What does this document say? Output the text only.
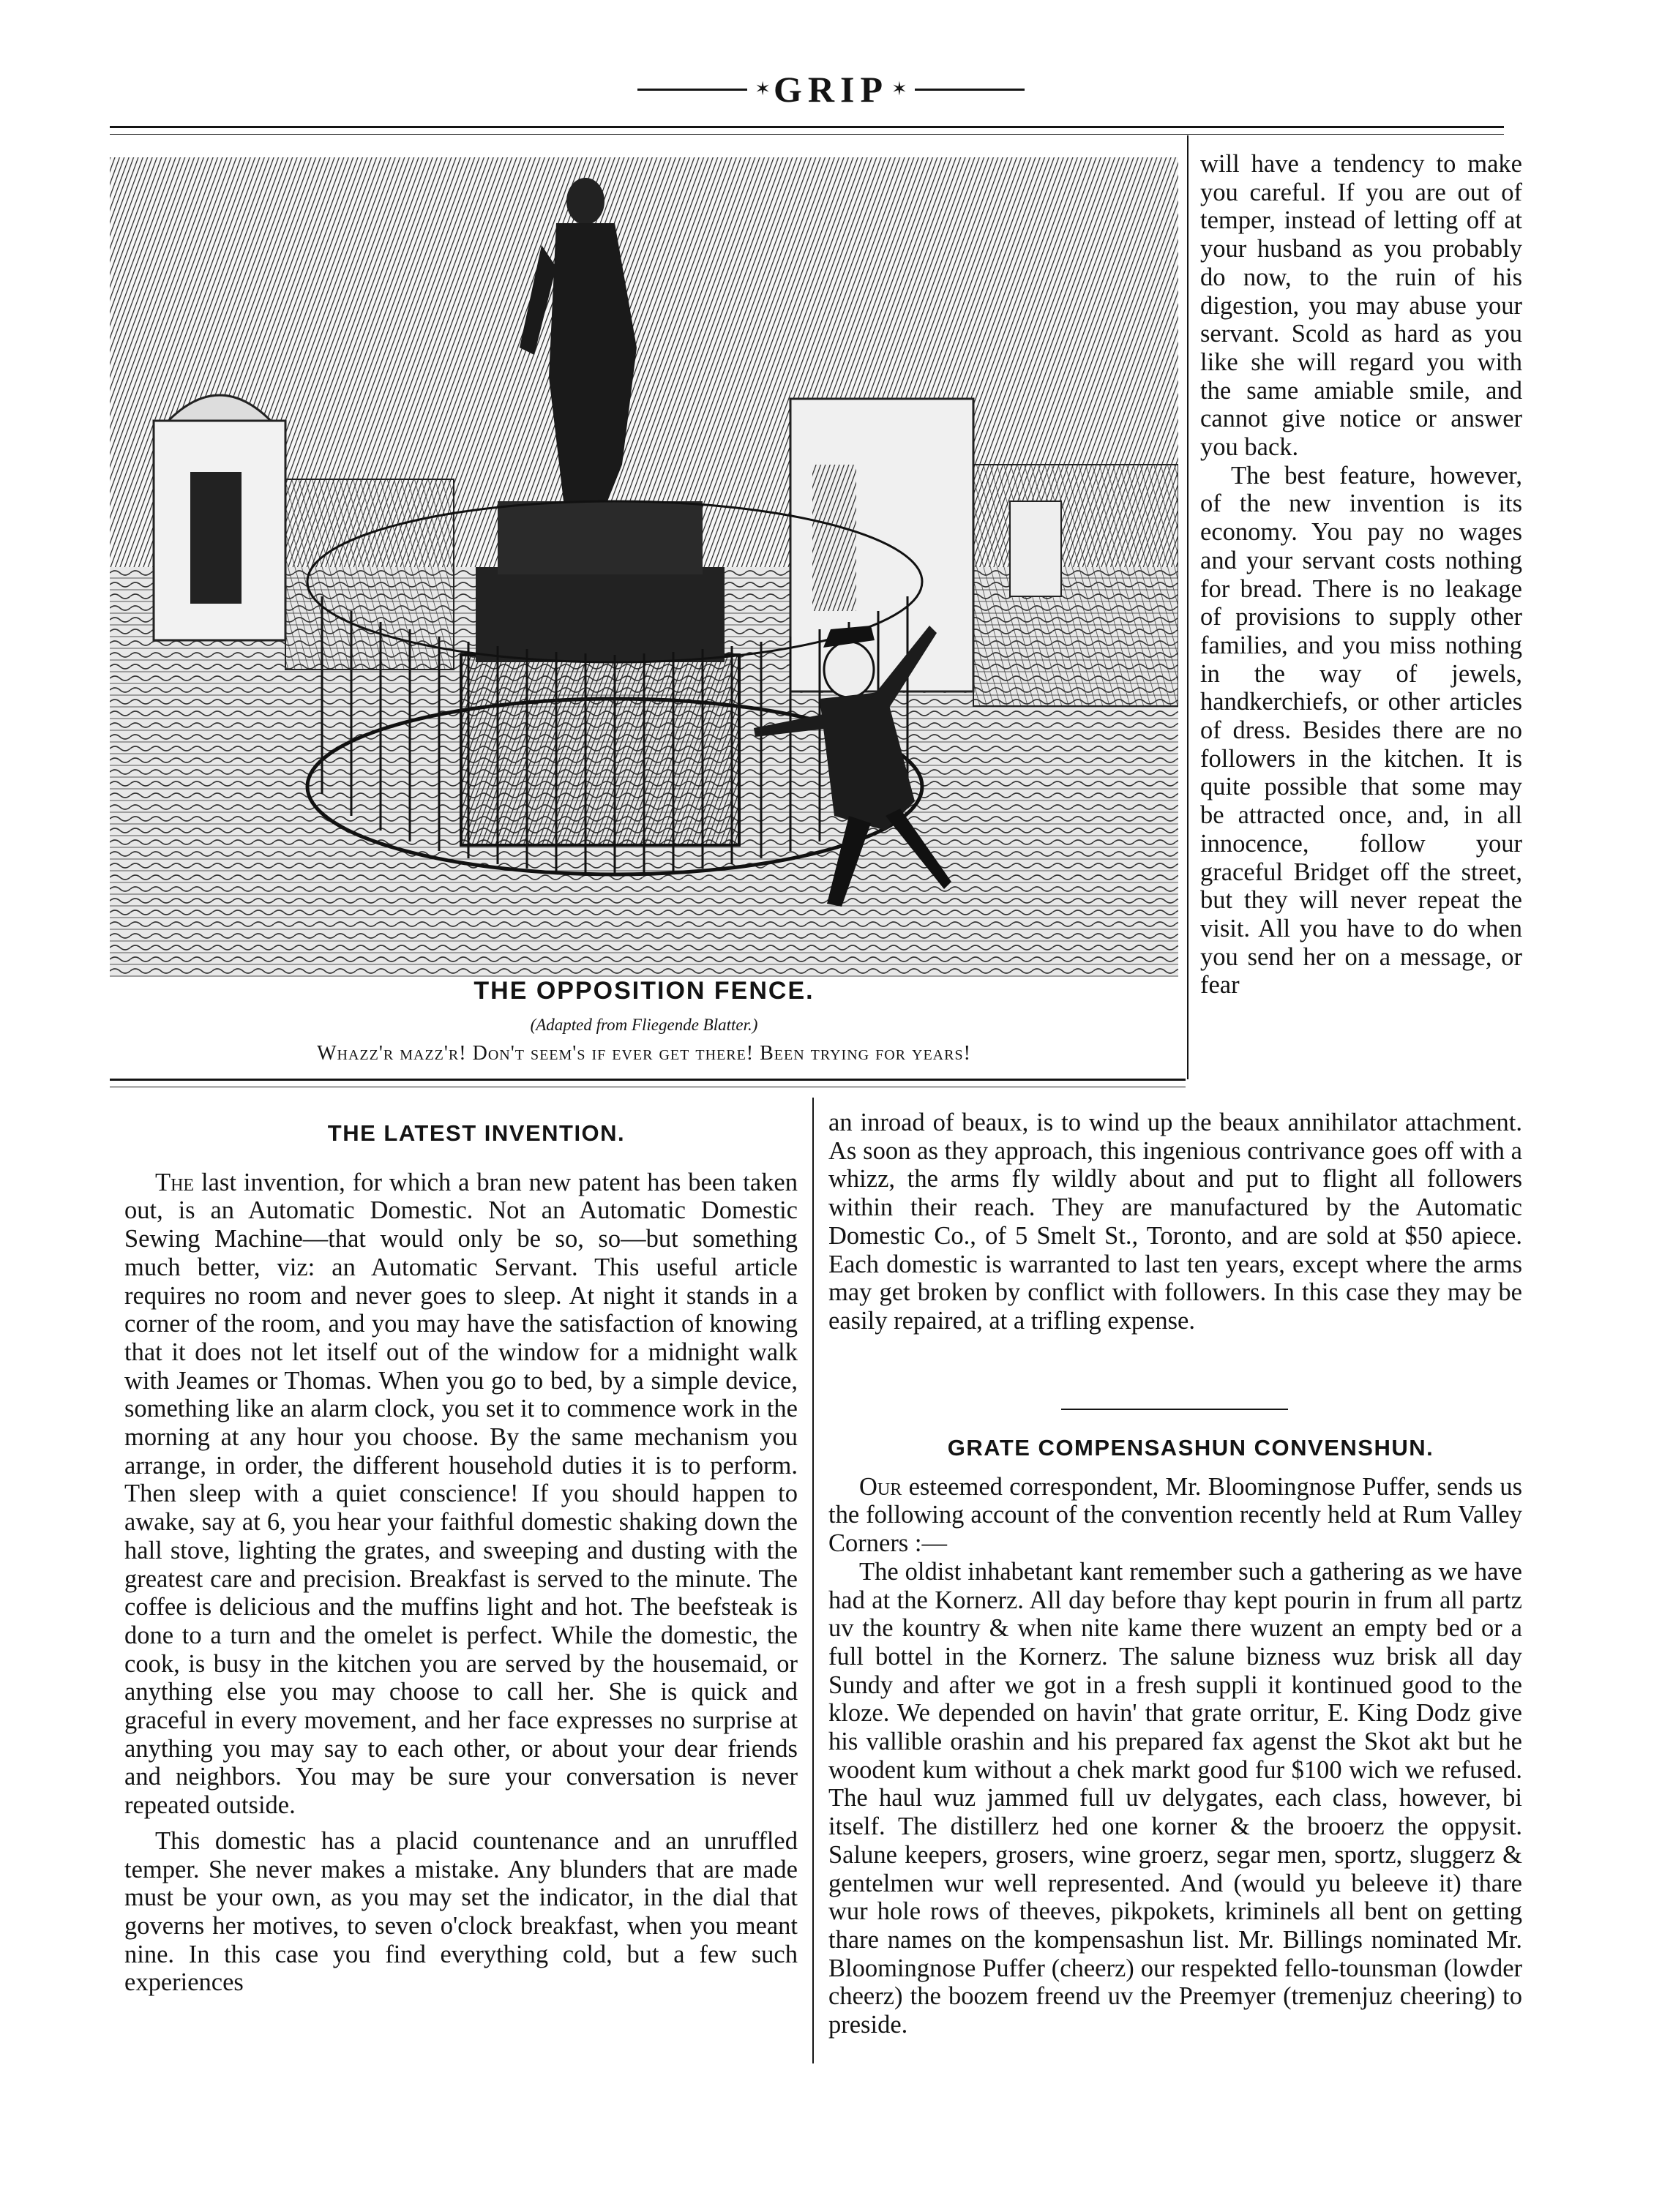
✶ GRIP ✶
THE OPPOSITION FENCE.
(Adapted from Fliegende Blatter.)
Whazz'r mazz'r! Don't seem's if ever get there! Been trying for years!

will have a tendency to make you careful. If you are out of temper, instead of letting off at your husband as you probably do now, to the ruin of his digestion, you may abuse your servant. Scold as hard as you like she will regard you with the same amiable smile, and cannot give notice or answer you back.

The best feature, however, of the new invention is its economy. You pay no wages and your servant costs nothing for bread. There is no leakage of provisions to supply other families, and you miss nothing in the way of jewels, handkerchiefs, or other articles of dress. Besides there are no followers in the kitchen. It is quite possible that some may be attracted once, and, in all innocence, follow your graceful Bridget off the street, but they will never repeat the visit. All you have to do when you send her on a message, or fear

THE LATEST INVENTION.

The last invention, for which a bran new patent has been taken out, is an Automatic Domestic. Not an Automatic Domestic Sewing Machine—that would only be so, so—but something much better, viz: an Automatic Servant. This useful article requires no room and never goes to sleep. At night it stands in a corner of the room, and you may have the satisfaction of knowing that it does not let itself out of the window for a midnight walk with Jeames or Thomas. When you go to bed, by a simple device, something like an alarm clock, you set it to commence work in the morning at any hour you choose. By the same mechanism you arrange, in order, the different household duties it is to perform. Then sleep with a quiet conscience! If you should happen to awake, say at 6, you hear your faithful domestic shaking down the hall stove, lighting the grates, and sweeping and dusting with the greatest care and precision. Breakfast is served to the minute. The coffee is delicious and the muffins light and hot. The beefsteak is done to a turn and the omelet is perfect. While the domestic, the cook, is busy in the kitchen you are served by the housemaid, or anything else you may choose to call her. She is quick and graceful in every movement, and her face expresses no surprise at anything you may say to each other, or about your dear friends and neighbors. You may be sure your conversation is never repeated outside.

This domestic has a placid countenance and an unruffled temper. She never makes a mistake. Any blunders that are made must be your own, as you may set the indicator, in the dial that governs her motives, to seven o'clock breakfast, when you meant nine. In this case you find everything cold, but a few such experiences

an inroad of beaux, is to wind up the beaux annihilator attachment. As soon as they approach, this ingenious contrivance goes off with a whizz, the arms fly wildly about and put to flight all followers within their reach. They are manufactured by the Automatic Domestic Co., of 5 Smelt St., Toronto, and are sold at $50 apiece. Each domestic is warranted to last ten years, except where the arms may get broken by conflict with followers. In this case they may be easily repaired, at a trifling expense.

GRATE COMPENSASHUN CONVENSHUN.

Our esteemed correspondent, Mr. Bloomingnose Puffer, sends us the following account of the convention recently held at Rum Valley Corners :—

The oldist inhabetant kant remember such a gathering as we have had at the Kornerz. All day before thay kept pourin in frum all partz uv the kountry & when nite kame there wuzent an empty bed or a full bottel in the Kornerz. The salune bizness wuz brisk all day Sundy and after we got in a fresh suppli it kontinued good to the kloze. We depended on havin' that grate orritur, E. King Dodz give his vallible orashin and his prepared fax agenst the Skot akt but he woodent kum without a chek markt good fur $100 wich we refused. The haul wuz jammed full uv delygates, each class, however, bi itself. The distillerz hed one korner & the brooerz the oppysit. Salune keepers, grosers, wine groerz, segar men, sportz, sluggerz & gentelmen wur well represented. And (would yu beleeve it) thare wur hole rows of theeves, pikpokets, kriminels all bent on getting thare names on the kompensashun list. Mr. Billings nominated Mr. Bloomingnose Puffer (cheerz) our respekted fello-tounsman (lowder cheerz) the boozem freend uv the Preemyer (tremenjuz cheering) to preside.
